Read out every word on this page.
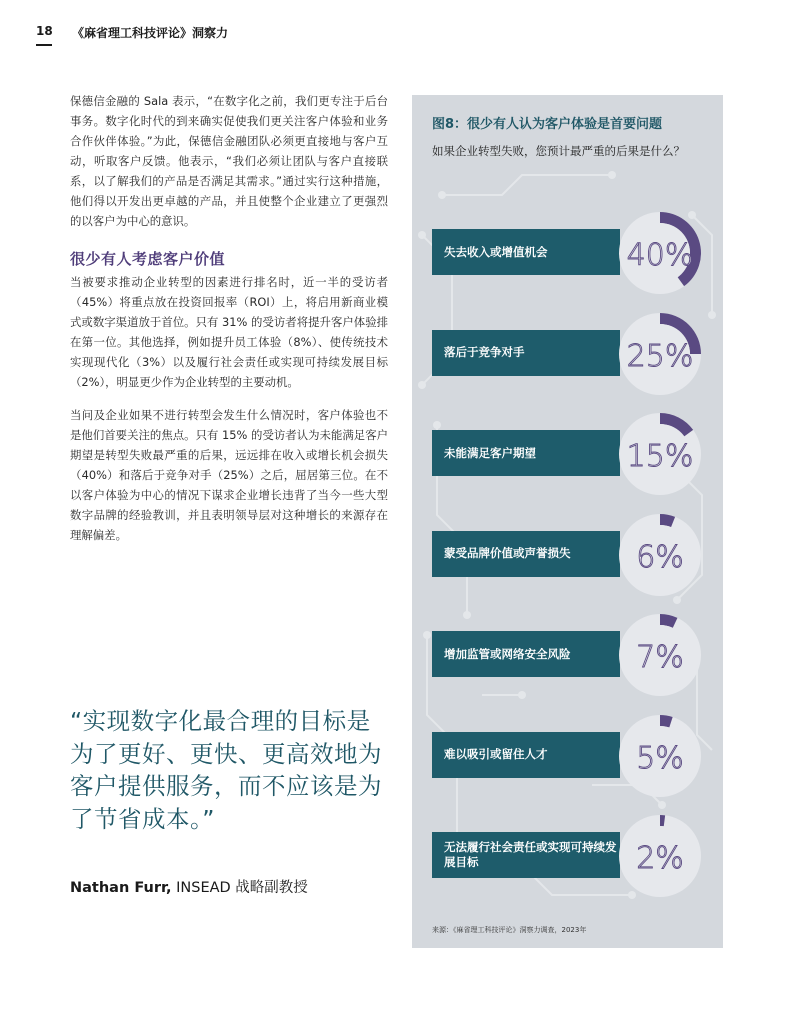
18 《麻省理工科技评论》洞察力

保德信金融的 Sala 表示，“在数字化之前，我们更专注于后台事务。数字化时代的到来确实促使我们更关注客户体验和业务合作伙伴体验。”为此，保德信金融团队必须更直接地与客户互动，听取客户反馈。他表示，“我们必须让团队与客户直接联系，以了解我们的产品是否满足其需求。”通过实行这种措施，他们得以开发出更卓越的产品，并且使整个企业建立了更强烈的以客户为中心的意识。

很少有人考虑客户价值

当被要求推动企业转型的因素进行排名时，近一半的受访者（45%）将重点放在投资回报率（ROI）上，将启用新商业模式或数字渠道放于首位。只有 31% 的受访者将提升客户体验排在第一位。其他选择，例如提升员工体验（8%）、使传统技术实现现代化（3%）以及履行社会责任或实现可持续发展目标（2%），明显更少作为企业转型的主要动机。

当问及企业如果不进行转型会发生什么情况时，客户体验也不是他们首要关注的焦点。只有 15% 的受访者认为未能满足客户期望是转型失败最严重的后果，远远排在收入或增长机会损失（40%）和落后于竞争对手（25%）之后，屈居第三位。在不以客户体验为中心的情况下谋求企业增长违背了当今一些大型数字品牌的经验教训，并且表明领导层对这种增长的来源存在理解偏差。

“实现数字化最合理的目标是为了更好、更快、更高效地为客户提供服务，而不应该是为了节省成本。”
Nathan Furr, INSEAD 战略副教授
图8：很少有人认为客户体验是首要问题
如果企业转型失败，您预计最严重的后果是什么？
失去收入或增值机会	40%
落后于竞争对手	25%
未能满足客户期望	15%
蒙受品牌价值或声誉损失	6%
增加监管或网络安全风险	7%
难以吸引或留住人才	5%
无法履行社会责任或实现可持续发展目标	2%
来源：《麻省理工科技评论》洞察力调查，2023年
